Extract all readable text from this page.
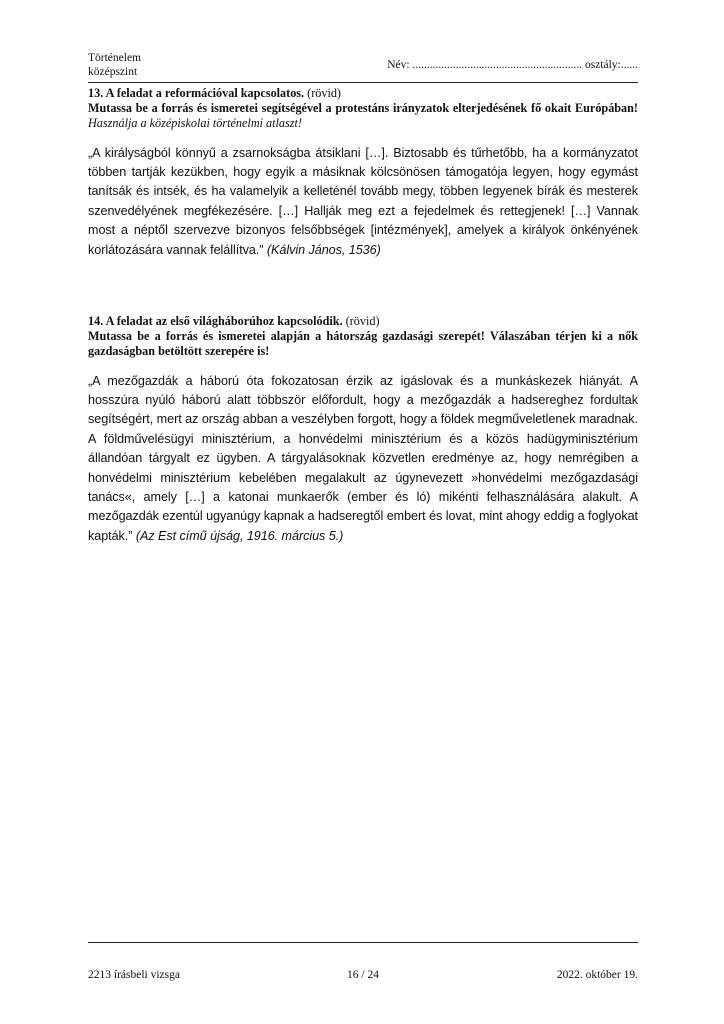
Történelem
középszint
Név: ........................................................... osztály:......
13. A feladat a reformációval kapcsolatos. (rövid)
Mutassa be a forrás és ismeretei segítségével a protestáns irányzatok elterjedésének fő okait Európában! Használja a középiskolai történelmi atlaszt!
„A királyságból könnyű a zsarnokságba átsiklani […]. Biztosabb és tűrhetőbb, ha a kormányzatot többen tartják kezükben, hogy egyik a másiknak kölcsönösen támogatója legyen, hogy egymást tanítsák és intsék, és ha valamelyik a kelleténél tovább megy, többen legyenek bírák és mesterek szenvedélyének megfékezésére. […] Hallják meg ezt a fejedelmek és rettegjenek! […] Vannak most a néptől szervezve bizonyos felsőbbségek [intézmények], amelyek a királyok önkényének korlátozására vannak felállítva.” (Kálvin János, 1536)
14. A feladat az első világháborúhoz kapcsolódik. (rövid)
Mutassa be a forrás és ismeretei alapján a hátország gazdasági szerepét! Válaszában térjen ki a nők gazdaságban betöltött szerepére is!
„A mezőgazdák a háború óta fokozatosan érzik az igáslovak és a munkáskezek hiányát. A hosszúra nyúló háború alatt többször előfordult, hogy a mezőgazdák a hadsereghez fordultak segítségért, mert az ország abban a veszélyben forgott, hogy a földek megműveletlenek maradnak. A földművelésügyi minisztérium, a honvédelmi minisztérium és a közös hadügyminisztérium állandóan tárgyalt ez ügyben. A tárgyalásoknak közvetlen eredménye az, hogy nemrégiben a honvédelmi minisztérium kebelében megalakult az úgynevezett »honvédelmi mezőgazdasági tanács«, amely […] a katonai munkaerők (ember és ló) mikénti felhasználására alakult. A mezőgazdák ezentúl ugyanúgy kapnak a hadseregtől embert és lovat, mint ahogy eddig a foglyokat kapták.” (Az Est című újság, 1916. március 5.)
2213 írásbeli vizsga	16 / 24	2022. október 19.
